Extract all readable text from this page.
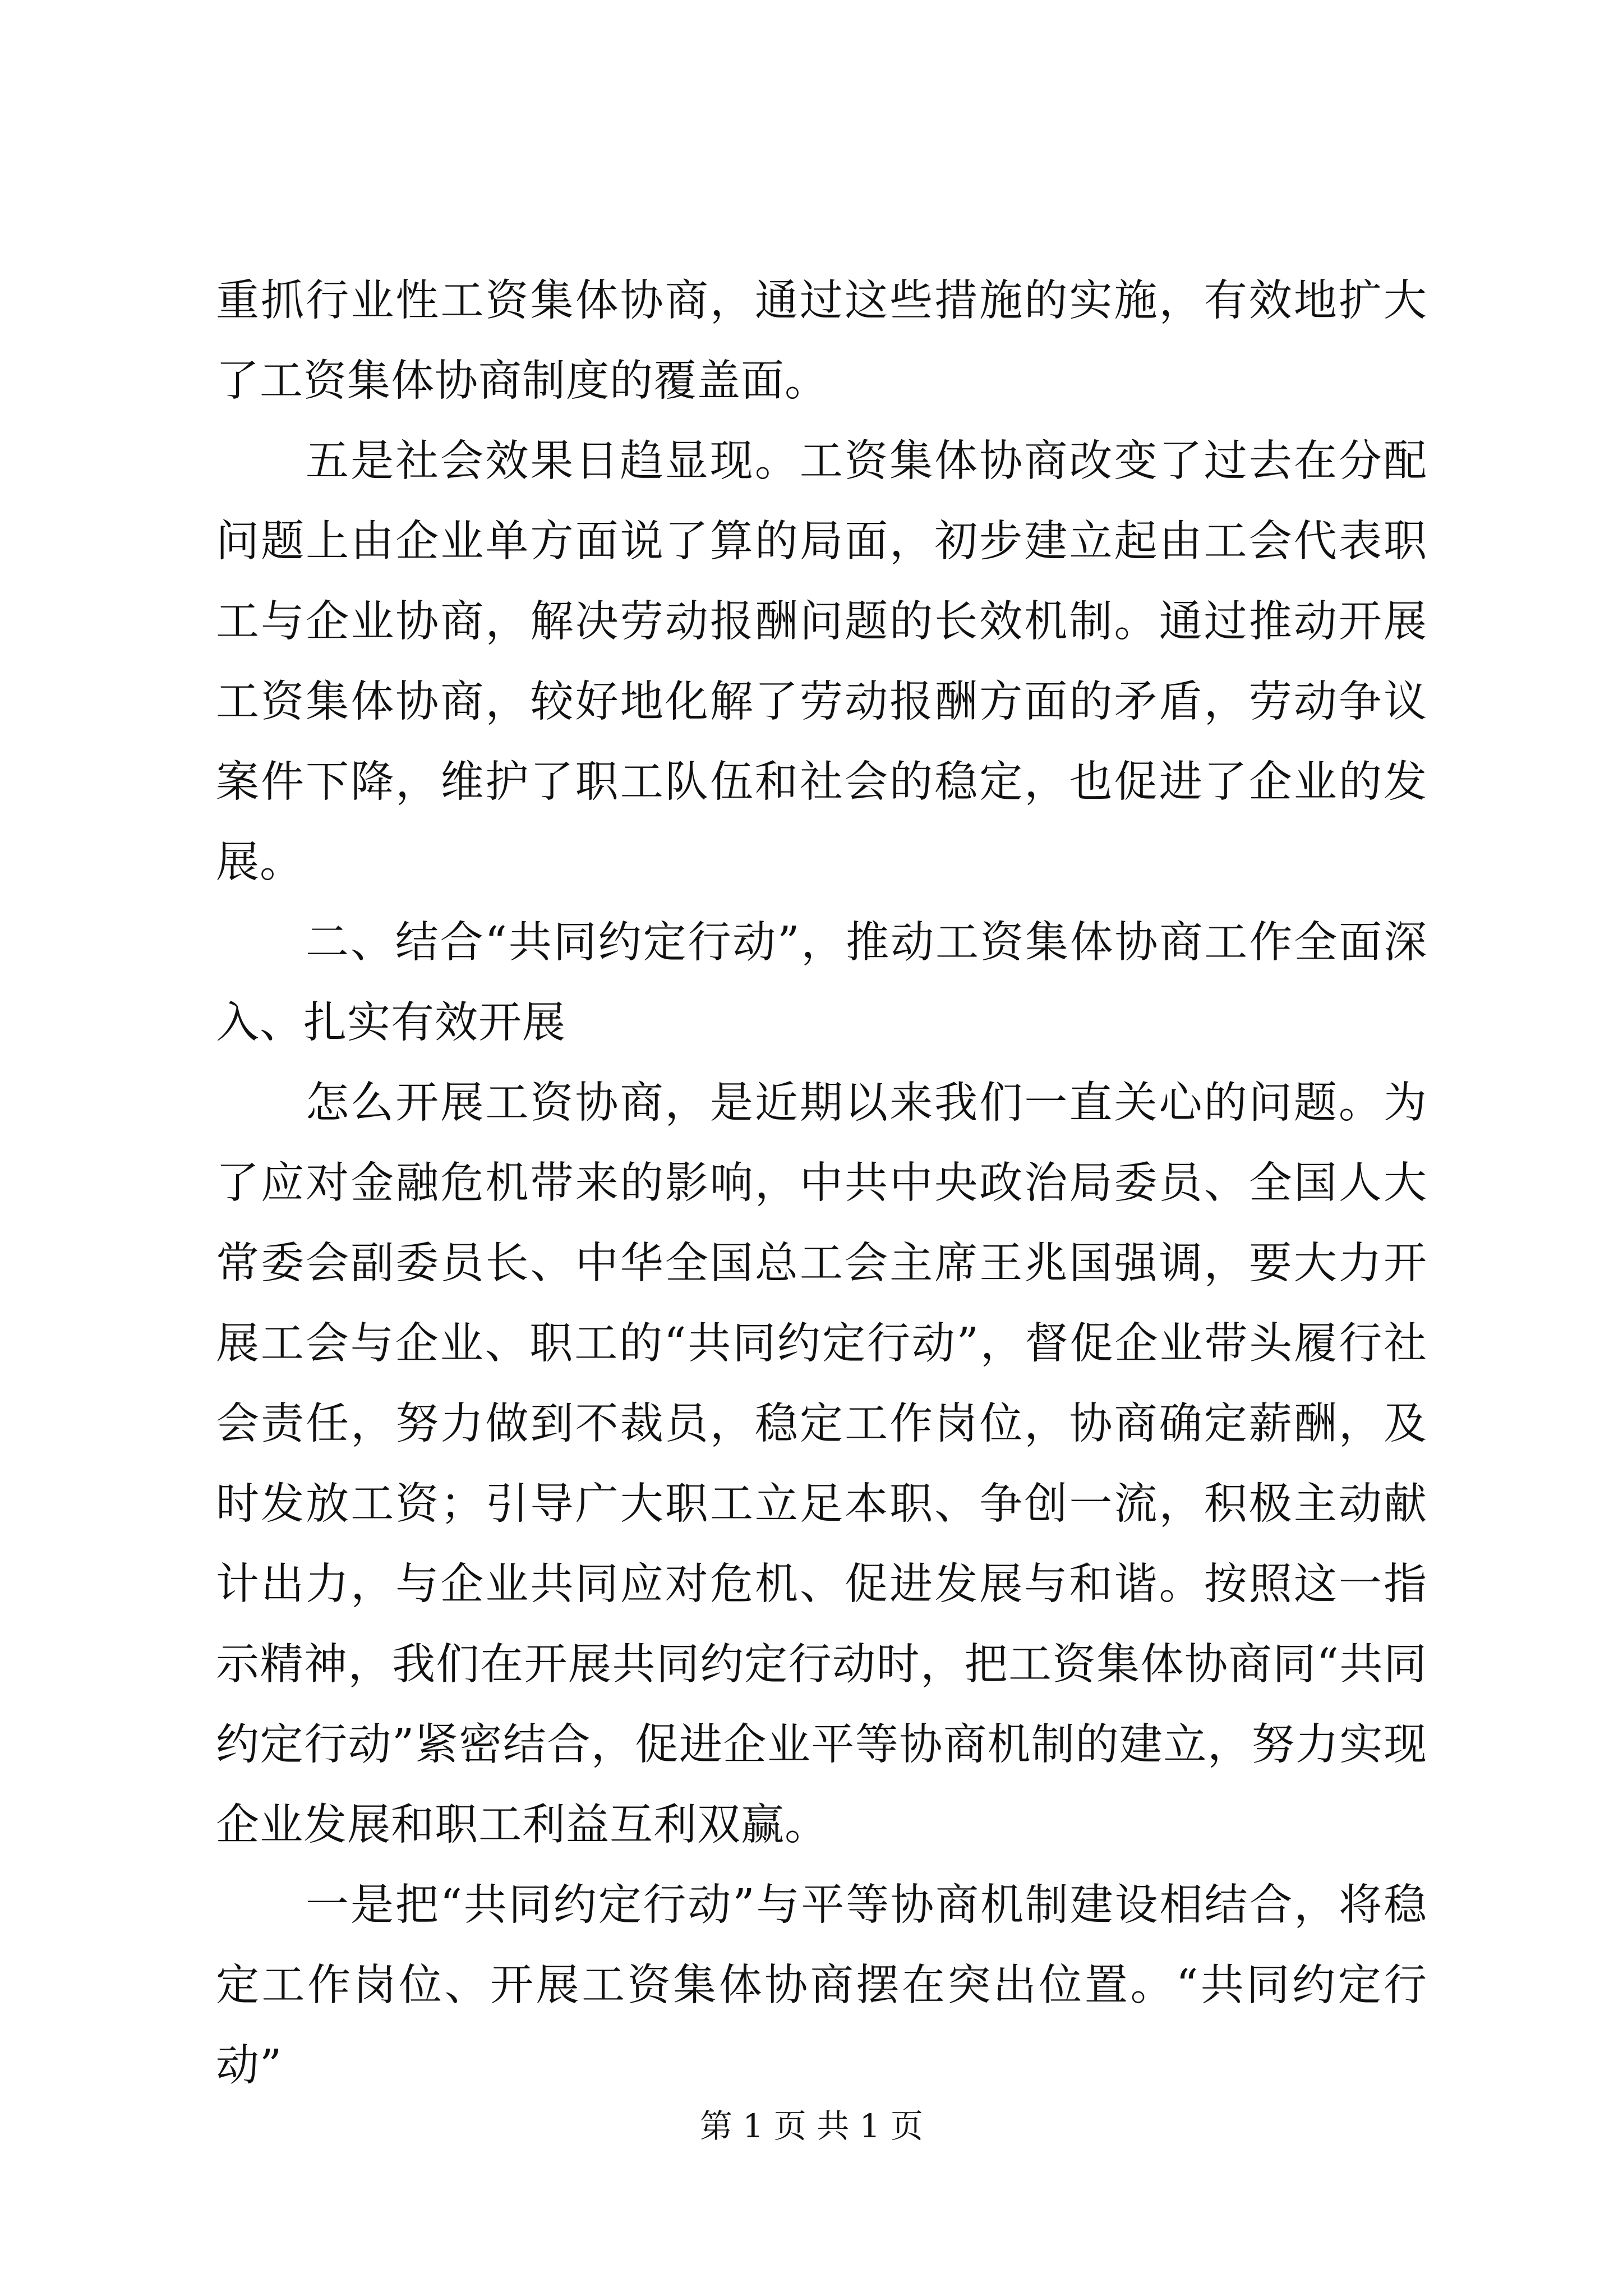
重抓行业性工资集体协商，通过这些措施的实施，有效地扩大了工资集体协商制度的覆盖面。

五是社会效果日趋显现。工资集体协商改变了过去在分配问题上由企业单方面说了算的局面，初步建立起由工会代表职工与企业协商，解决劳动报酬问题的长效机制。通过推动开展工资集体协商，较好地化解了劳动报酬方面的矛盾，劳动争议案件下降，维护了职工队伍和社会的稳定，也促进了企业的发展。

二、结合“共同约定行动”，推动工资集体协商工作全面深入、扎实有效开展

怎么开展工资协商，是近期以来我们一直关心的问题。为了应对金融危机带来的影响，中共中央政治局委员、全国人大常委会副委员长、中华全国总工会主席王兆国强调，要大力开展工会与企业、职工的“共同约定行动”，督促企业带头履行社会责任，努力做到不裁员，稳定工作岗位，协商确定薪酬，及时发放工资；引导广大职工立足本职、争创一流，积极主动献计出力，与企业共同应对危机、促进发展与和谐。按照这一指示精神，我们在开展共同约定行动时，把工资集体协商同“共同约定行动”紧密结合，促进企业平等协商机制的建立，努力实现企业发展和职工利益互利双赢。

一是把“共同约定行动”与平等协商机制建设相结合，将稳定工作岗位、开展工资集体协商摆在突出位置。“共同约定行动”

第 1 页 共 1 页
